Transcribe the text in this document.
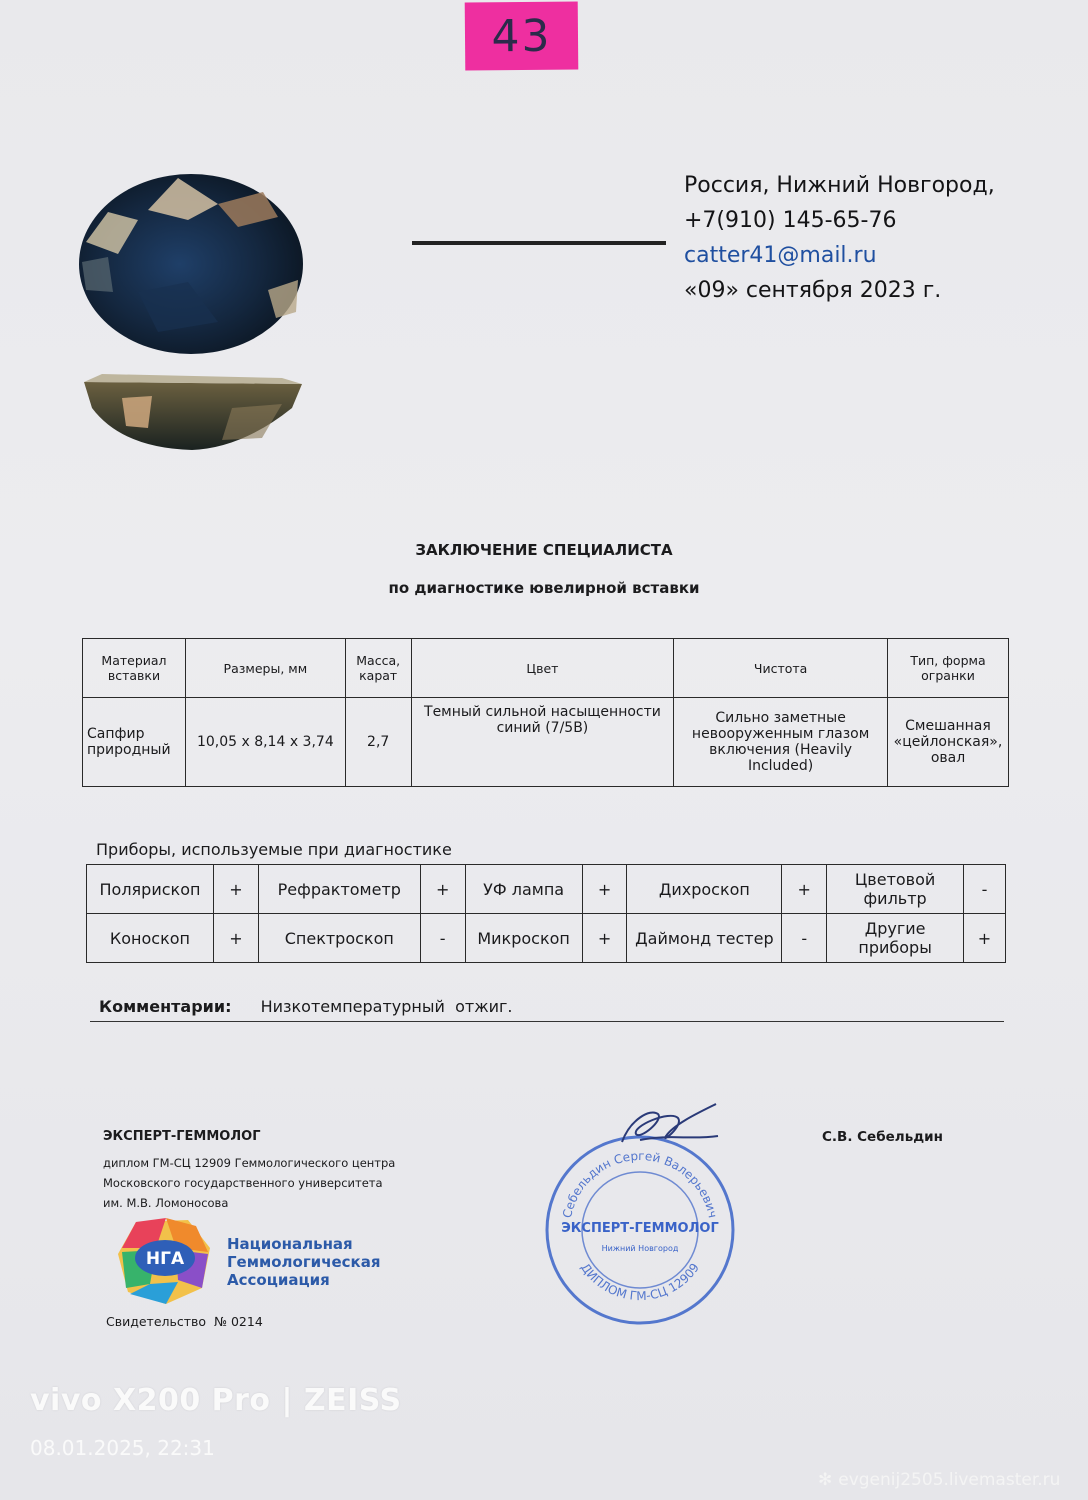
43
Россия, Нижний Новгород,
+7(910) 145-65-76
catter41@mail.ru
«09» сентября 2023 г.
ЗАКЛЮЧЕНИЕ СПЕЦИАЛИСТА
по диагностике ювелирной вставки
Материал вставки	Размеры, мм	Масса, карат	Цвет	Чистота	Тип, форма огранки
Сапфир природный	10,05 х 8,14 х 3,74	2,7	Темный сильной насыщенности синий (7/5В)	Сильно заметные невооруженным глазом включения (Heavily Included)	Смешанная «цейлонская», овал
Приборы, используемые при диагностике
Полярископ	+	Рефрактометр	+	УФ лампа	+	Дихроскоп	+	Цветовой фильтр	-
Коноскоп	+	Спектроскоп	-	Микроскоп	+	Даймонд тестер	-	Другие приборы	+
Комментарии: Низкотемпературный  отжиг.
ЭКСПЕРТ-ГЕММОЛОГ
диплом ГМ-СЦ 12909 Геммологического центра
Московского государственного университета
им. М.В. Ломоносова
НГА
Национальная
Геммологическая
Ассоциация
Свидетельство  № 0214
С.В. Себельдин
Себельдин Сергей Валерьевич
ДИПЛОМ ГМ-СЦ 12909
ЭКСПЕРТ-ГЕММОЛОГ
Нижний Новгород
vivo X200 Pro | ZEISS
08.01.2025, 22:31
✻ evgenij2505.livemaster.ru
